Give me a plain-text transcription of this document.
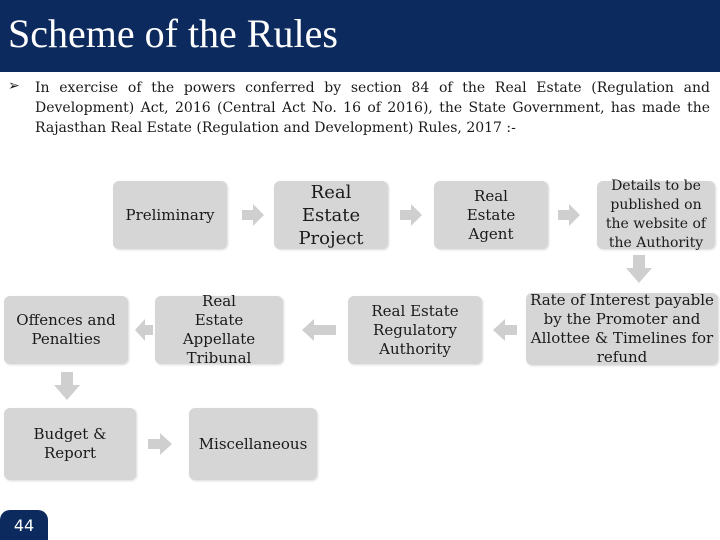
Scheme of the Rules
➢ In exercise of the powers conferred by section 84 of the Real Estate (Regulation and Development) Act, 2016 (Central Act No. 16 of 2016), the State Government, has made the Rajasthan Real Estate (Regulation and Development) Rules, 2017 :-
Preliminary
Real Estate Project
Real Estate Agent
Details to be published on the website of the Authority
Offences and Penalties
Real Estate Appellate Tribunal
Real Estate Regulatory Authority
Rate of Interest payable by the Promoter and Allottee & Timelines for refund
Budget & Report
Miscellaneous
44
